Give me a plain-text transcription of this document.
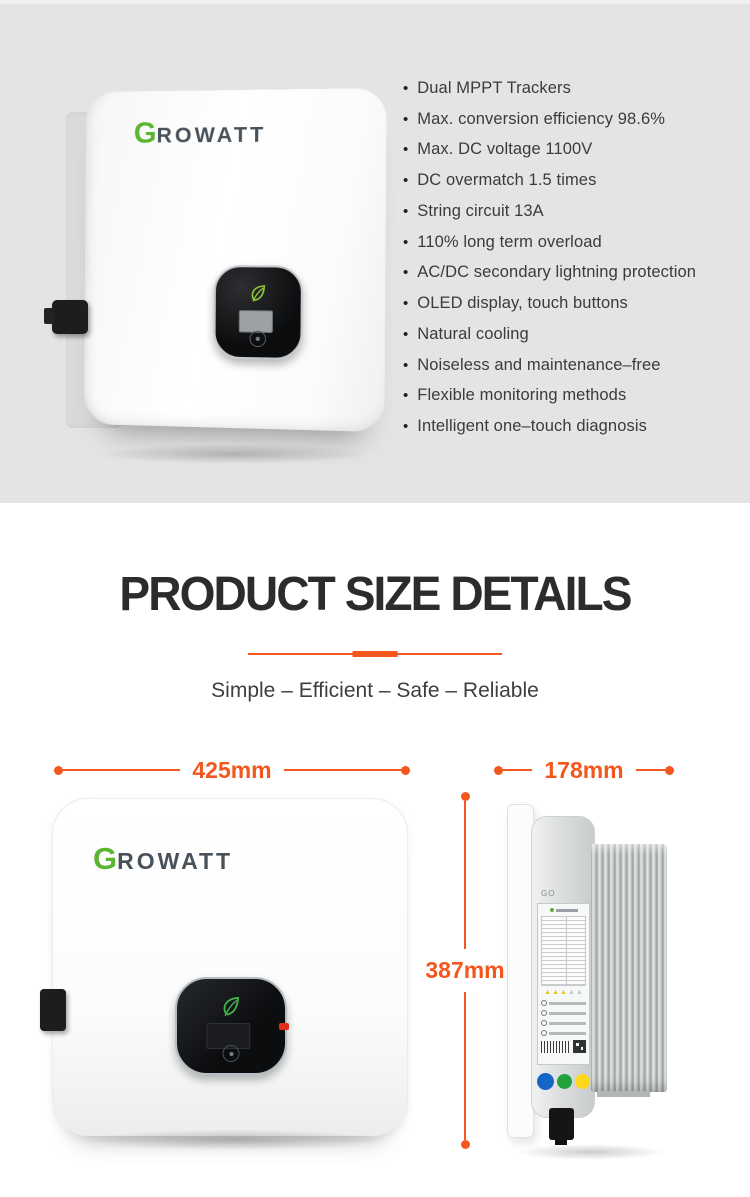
G ROWATT
• Dual MPPT Trackers
• Max. conversion efficiency 98.6%
• Max. DC voltage 1100V
• DC overmatch 1.5 times
• String circuit 13A
• 110% long term overload
• AC/DC secondary lightning protection
• OLED display, touch buttons
• Natural cooling
• Noiseless and maintenance–free
• Flexible monitoring methods
• Intelligent one–touch diagnosis
PRODUCT SIZE DETAILS
Simple – Efficient – Safe – Reliable
425mm	178mm
387mm
G ROWATT
GO
▲ ▲ ▲ ▲ ▲
